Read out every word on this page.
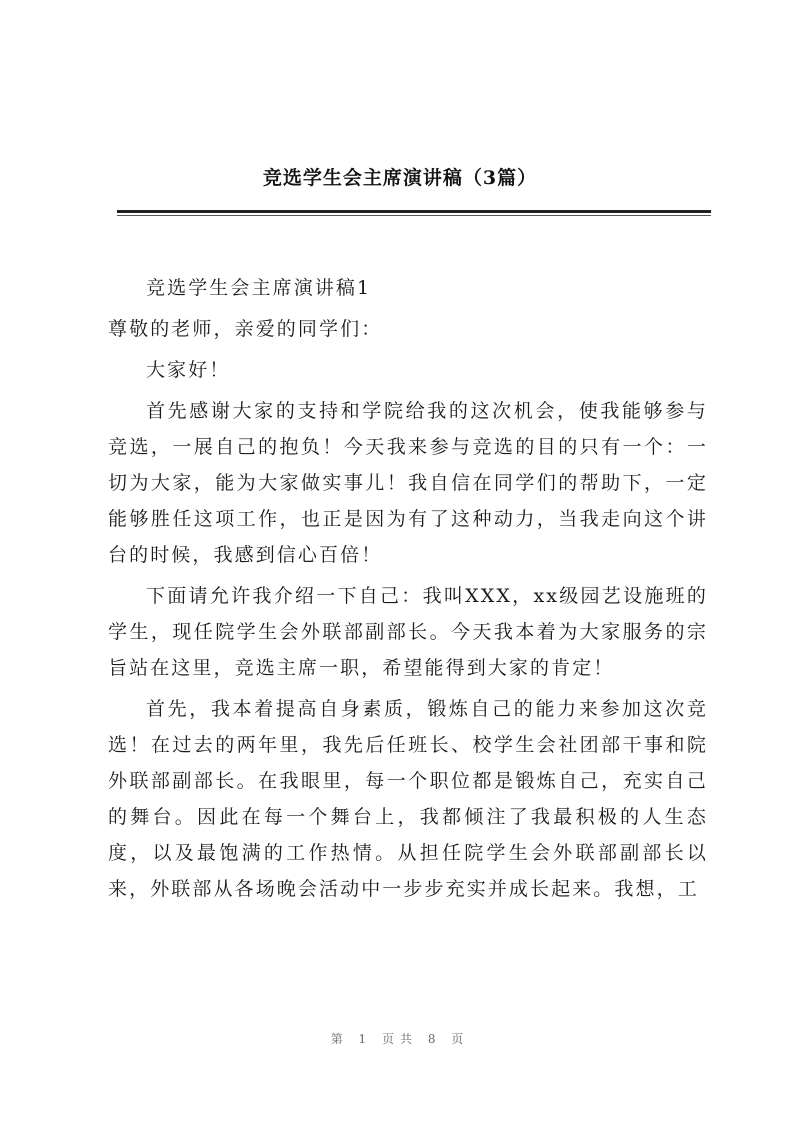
竞选学生会主席演讲稿（3篇）

竞选学生会主席演讲稿1

尊敬的老师，亲爱的同学们：

大家好！

首先感谢大家的支持和学院给我的这次机会，使我能够参与竞选，一展自己的抱负！今天我来参与竞选的目的只有一个：一切为大家，能为大家做实事儿！我自信在同学们的帮助下，一定能够胜任这项工作，也正是因为有了这种动力，当我走向这个讲台的时候，我感到信心百倍！

下面请允许我介绍一下自己：我叫XXX，xx级园艺设施班的学生，现任院学生会外联部副部长。今天我本着为大家服务的宗旨站在这里，竞选主席一职，希望能得到大家的肯定！

首先，我本着提高自身素质，锻炼自己的能力来参加这次竞选！在过去的两年里，我先后任班长、校学生会社团部干事和院外联部副部长。在我眼里，每一个职位都是锻炼自己，充实自己的舞台。因此在每一个舞台上，我都倾注了我最积极的人生态度，以及最饱满的工作热情。从担任院学生会外联部副部长以来，外联部从各场晚会活动中一步步充实并成长起来。我想，工

第 1 页共 8 页
